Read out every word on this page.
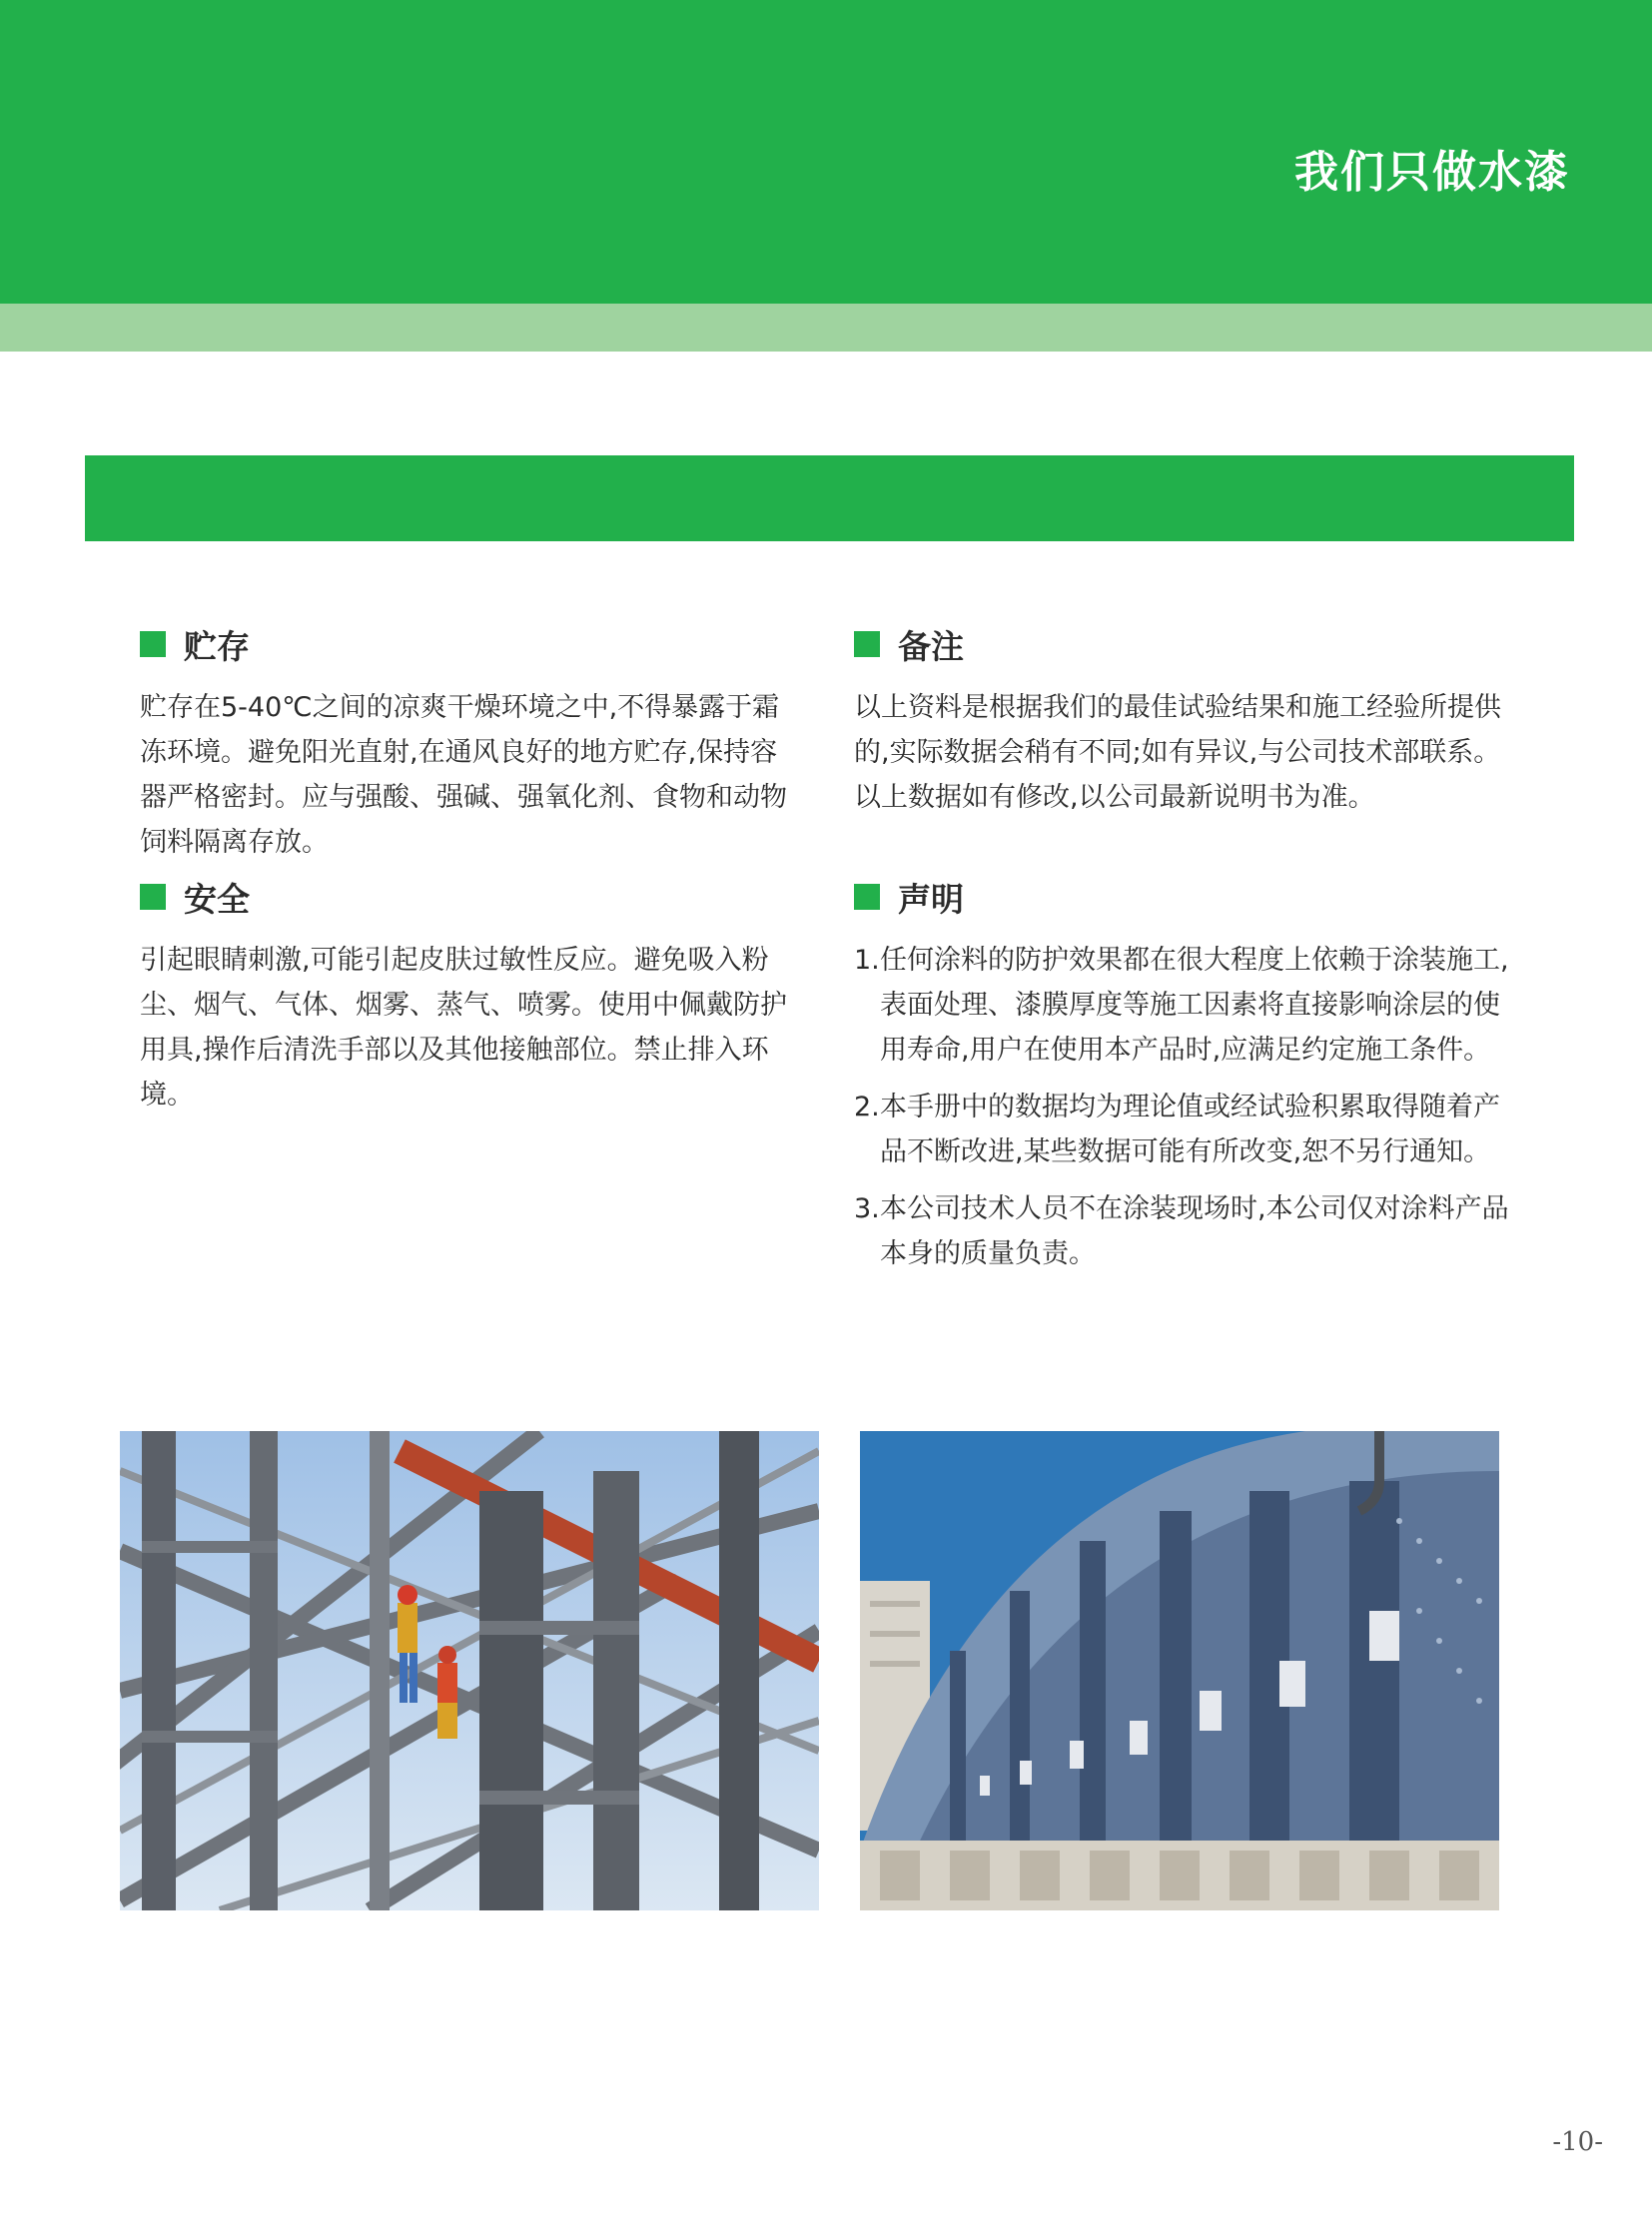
我们只做水漆
贮存
贮存在5-40℃之间的凉爽干燥环境之中,不得暴露于霜冻环境。避免阳光直射,在通风良好的地方贮存,保持容器严格密封。应与强酸、强碱、强氧化剂、食物和动物饲料隔离存放。
安全
引起眼睛刺激,可能引起皮肤过敏性反应。避免吸入粉尘、烟气、气体、烟雾、蒸气、喷雾。使用中佩戴防护用具,操作后清洗手部以及其他接触部位。禁止排入环境。
备注
以上资料是根据我们的最佳试验结果和施工经验所提供的,实际数据会稍有不同;如有异议,与公司技术部联系。以上数据如有修改,以公司最新说明书为准。
声明
1. 任何涂料的防护效果都在很大程度上依赖于涂装施工,表面处理、漆膜厚度等施工因素将直接影响涂层的使用寿命,用户在使用本产品时,应满足约定施工条件。
2. 本手册中的数据均为理论值或经试验积累取得随着产品不断改进,某些数据可能有所改变,恕不另行通知。
3. 本公司技术人员不在涂装现场时,本公司仅对涂料产品本身的质量负责。
-10-
